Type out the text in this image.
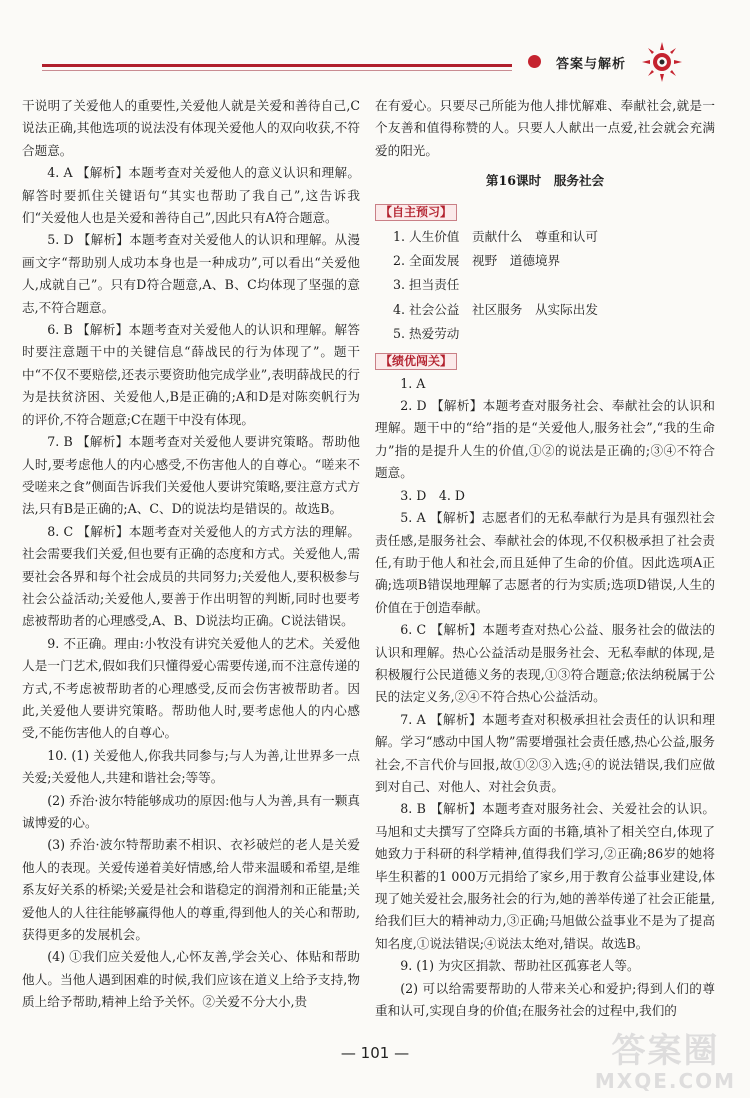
答案与解析

干说明了关爱他人的重要性,关爱他人就是关爱和善待自己,C说法正确,其他选项的说法没有体现关爱他人的双向收获,不符合题意。

4. A 【解析】本题考查对关爱他人的意义认识和理解。解答时要抓住关键语句“其实也帮助了我自己”,这告诉我们“关爱他人也是关爱和善待自己”,因此只有A符合题意。

5. D 【解析】本题考查对关爱他人的认识和理解。从漫画文字“帮助别人成功本身也是一种成功”,可以看出“关爱他人,成就自己”。只有D符合题意,A、B、C均体现了坚强的意志,不符合题意。

6. B 【解析】本题考查对关爱他人的认识和理解。解答时要注意题干中的关键信息“薛战民的行为体现了”。题干中“不仅不要赔偿,还表示要资助他完成学业”,表明薛战民的行为是扶贫济困、关爱他人,B是正确的;A和D是对陈奕帆行为的评价,不符合题意;C在题干中没有体现。

7. B 【解析】本题考查对关爱他人要讲究策略。帮助他人时,要考虑他人的内心感受,不伤害他人的自尊心。“嗟来不受嗟来之食”侧面告诉我们关爱他人要讲究策略,要注意方式方法,只有B是正确的;A、C、D的说法均是错误的。故选B。

8. C 【解析】本题考查对关爱他人的方式方法的理解。社会需要我们关爱,但也要有正确的态度和方式。关爱他人,需要社会各界和每个社会成员的共同努力;关爱他人,要积极参与社会公益活动;关爱他人,要善于作出明智的判断,同时也要考虑被帮助者的心理感受,A、B、D说法均正确。C说法错误。

9. 不正确。理由:小牧没有讲究关爱他人的艺术。关爱他人是一门艺术,假如我们只懂得爱心需要传递,而不注意传递的方式,不考虑被帮助者的心理感受,反而会伤害被帮助者。因此,关爱他人要讲究策略。帮助他人时,要考虑他人的内心感受,不能伤害他人的自尊心。

10. (1) 关爱他人,你我共同参与;与人为善,让世界多一点关爱;关爱他人,共建和谐社会;等等。

(2) 乔治·波尔特能够成功的原因:他与人为善,具有一颗真诚博爱的心。

(3) 乔治·波尔特帮助素不相识、衣衫破烂的老人是关爱他人的表现。关爱传递着美好情感,给人带来温暖和希望,是维系友好关系的桥梁;关爱是社会和谐稳定的润滑剂和正能量;关爱他人的人往往能够赢得他人的尊重,得到他人的关心和帮助,获得更多的发展机会。

(4) ①我们应关爱他人,心怀友善,学会关心、体贴和帮助他人。当他人遇到困难的时候,我们应该在道义上给予支持,物质上给予帮助,精神上给予关怀。②关爱不分大小,贵

在有爱心。只要尽己所能为他人排忧解难、奉献社会,就是一个友善和值得称赞的人。只要人人献出一点爱,社会就会充满爱的阳光。

第16课时　服务社会

【自主预习】

1. 人生价值　贡献什么　尊重和认可

2. 全面发展　视野　道德境界

3. 担当责任

4. 社会公益　社区服务　从实际出发

5. 热爱劳动

【绩优闯关】

1. A

2. D 【解析】本题考查对服务社会、奉献社会的认识和理解。题干中的“给”指的是“关爱他人,服务社会”,“我的生命力”指的是提升人生的价值,①②的说法是正确的;③④不符合题意。

3. D　4. D

5. A 【解析】志愿者们的无私奉献行为是具有强烈社会责任感,是服务社会、奉献社会的体现,不仅积极承担了社会责任,有助于他人和社会,而且延伸了生命的价值。因此选项A正确;选项B错误地理解了志愿者的行为实质;选项D错误,人生的价值在于创造奉献。

6. C 【解析】本题考查对热心公益、服务社会的做法的认识和理解。热心公益活动是服务社会、无私奉献的体现,是积极履行公民道德义务的表现,①③符合题意;依法纳税属于公民的法定义务,②④不符合热心公益活动。

7. A 【解析】本题考查对积极承担社会责任的认识和理解。学习“感动中国人物”需要增强社会责任感,热心公益,服务社会,不言代价与回报,故①②③入选;④的说法错误,我们应做到对自己、对他人、对社会负责。

8. B 【解析】本题考查对服务社会、关爱社会的认识。马旭和丈夫撰写了空降兵方面的书籍,填补了相关空白,体现了她致力于科研的科学精神,值得我们学习,②正确;86岁的她将毕生积蓄的1 000万元捐给了家乡,用于教育公益事业建设,体现了她关爱社会,服务社会的行为,她的善举传递了社会正能量,给我们巨大的精神动力,③正确;马旭做公益事业不是为了提高知名度,①说法错误;④说法太绝对,错误。故选B。

9. (1) 为灾区捐款、帮助社区孤寡老人等。

(2) 可以给需要帮助的人带来关心和爱护;得到人们的尊重和认可,实现自身的价值;在服务社会的过程中,我们的

— 101 —	答案圈
MXQE.COM
